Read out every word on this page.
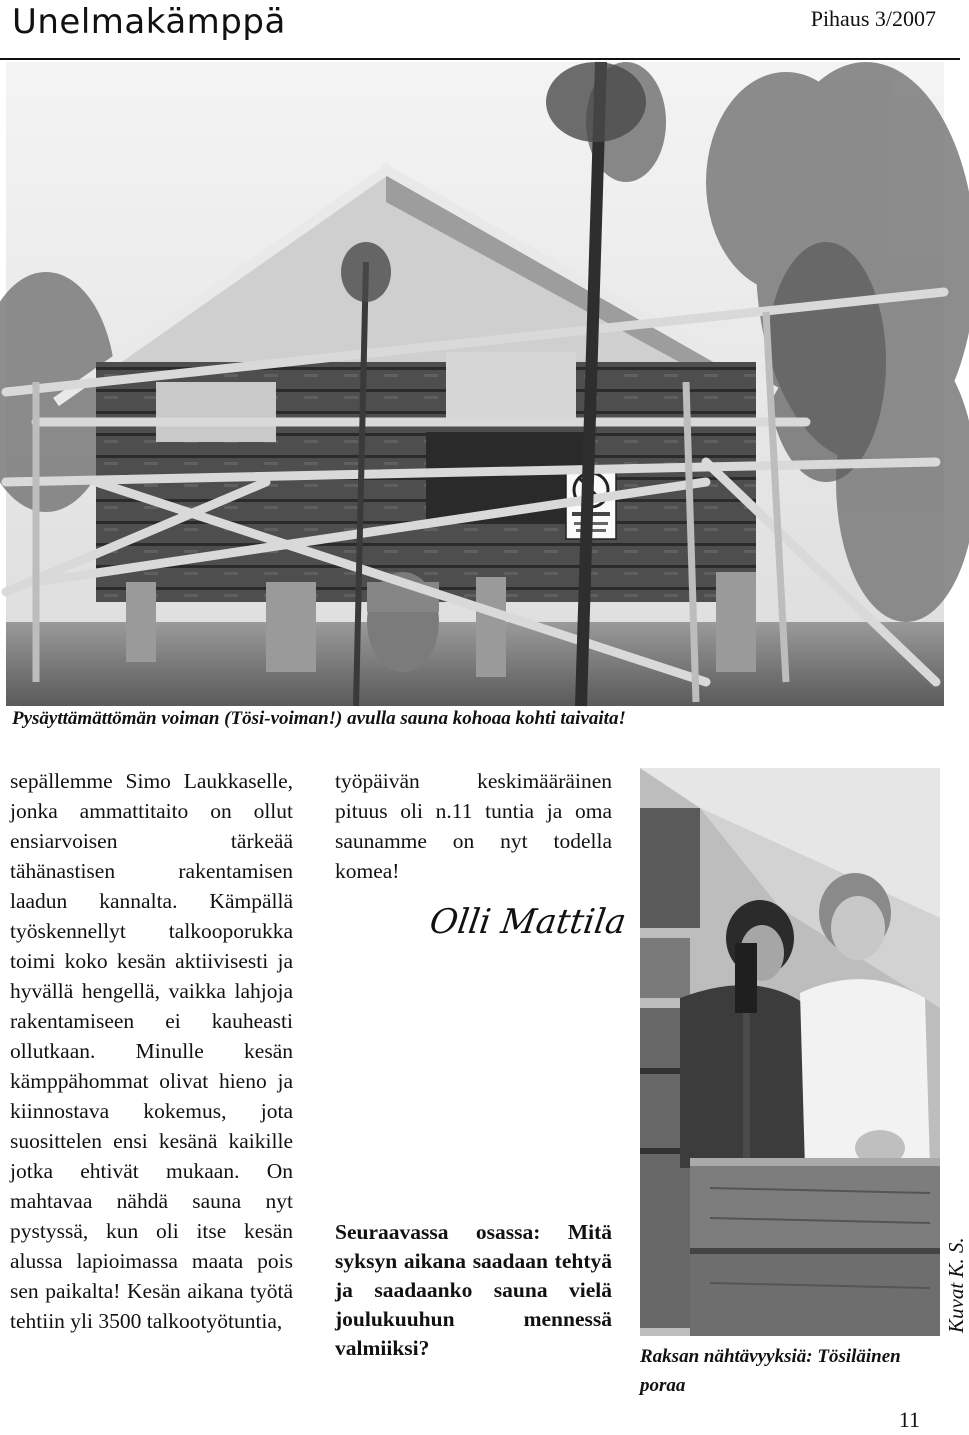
Unelmakämppä	Pihaus 3/2007
Pysäyttämättömän voiman (Tösi-voiman!) avulla sauna kohoaa kohti taivaita!
sepällemme Simo Laukkaselle, jonka ammattitaito on ollut ensiarvoisen tärkeää tähänastisen rakentamisen laadun kannalta. Kämpällä työskennellyt talkooporukka toimi koko kesän aktiivisesti ja hyvällä hengellä, vaikka lahjoja rakentamiseen ei kauheasti ollutkaan. Minulle kesän kämppähommat olivat hieno ja kiinnostava kokemus, jota suosittelen ensi kesänä kaikille jotka ehtivät mukaan. On mahtavaa nähdä sauna nyt pystyssä, kun oli itse kesän alussa lapioimassa maata pois sen paikalta! Kesän aikana työtä tehtiin yli 3500 talkootyötuntia,
työpäivän keskimääräinen pituus oli n.11 tuntia ja oma saunamme on nyt todella komea!
Olli Mattila
Seuraavassa osassa: Mitä syksyn aikana saadaan tehtyä ja saadaanko sauna vielä joulukuuhun mennessä valmiiksi?
Kuvat K. S.
Raksan nähtävyyksiä: Tösiläinen poraa
11
